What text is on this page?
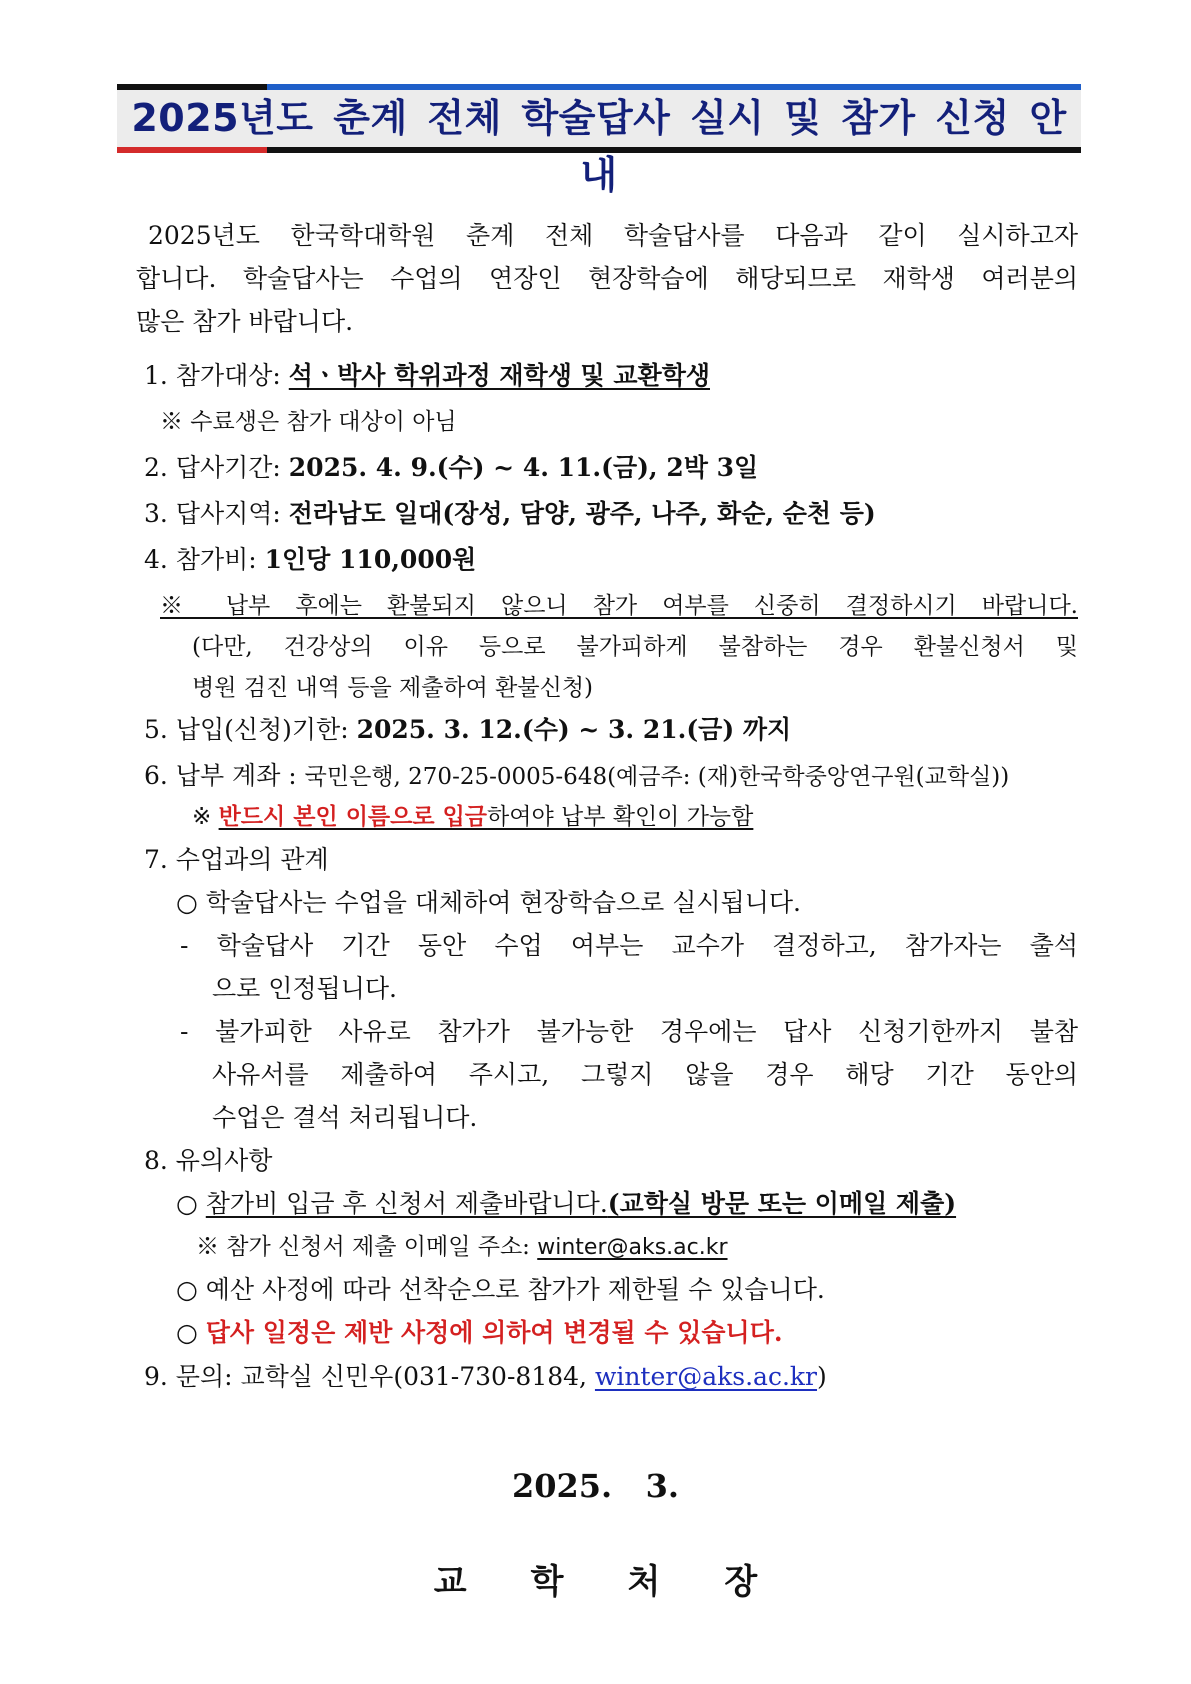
2025년도 춘계 전체 학술답사 실시 및 참가 신청 안내
2025년도 한국학대학원 춘계 전체 학술답사를 다음과 같이 실시하고자
합니다. 학술답사는 수업의 연장인 현장학습에 해당되므로 재학생 여러분의
많은 참가 바랍니다.
1. 참가대상: 석ㆍ박사 학위과정 재학생 및 교환학생
※ 수료생은 참가 대상이 아님
2. 답사기간: 2025. 4. 9.(수) ~ 4. 11.(금), 2박 3일
3. 답사지역: 전라남도 일대(장성, 담양, 광주, 나주, 화순, 순천 등)
4. 참가비: 1인당 110,000원
※ 납부 후에는 환불되지 않으니 참가 여부를 신중히 결정하시기 바랍니다.
(다만, 건강상의 이유 등으로 불가피하게 불참하는 경우 환불신청서 및
병원 검진 내역 등을 제출하여 환불신청)
5. 납입(신청)기한: 2025. 3. 12.(수) ~ 3. 21.(금) 까지
6. 납부 계좌 : 국민은행, 270-25-0005-648(예금주: (재)한국학중앙연구원(교학실))
※ 반드시 본인 이름으로 입금하여야 납부 확인이 가능함
7. 수업과의 관계
○ 학술답사는 수업을 대체하여 현장학습으로 실시됩니다.
- 학술답사 기간 동안 수업 여부는 교수가 결정하고, 참가자는 출석
으로 인정됩니다.
- 불가피한 사유로 참가가 불가능한 경우에는 답사 신청기한까지 불참
사유서를 제출하여 주시고, 그렇지 않을 경우 해당 기간 동안의
수업은 결석 처리됩니다.
8. 유의사항
○ 참가비 입금 후 신청서 제출바랍니다.(교학실 방문 또는 이메일 제출)
※ 참가 신청서 제출 이메일 주소: winter@aks.ac.kr
○ 예산 사정에 따라 선착순으로 참가가 제한될 수 있습니다.
○ 답사 일정은 제반 사정에 의하여 변경될 수 있습니다.
9. 문의: 교학실 신민우(031-730-8184, winter@aks.ac.kr)
2025.   3.
교학처장
